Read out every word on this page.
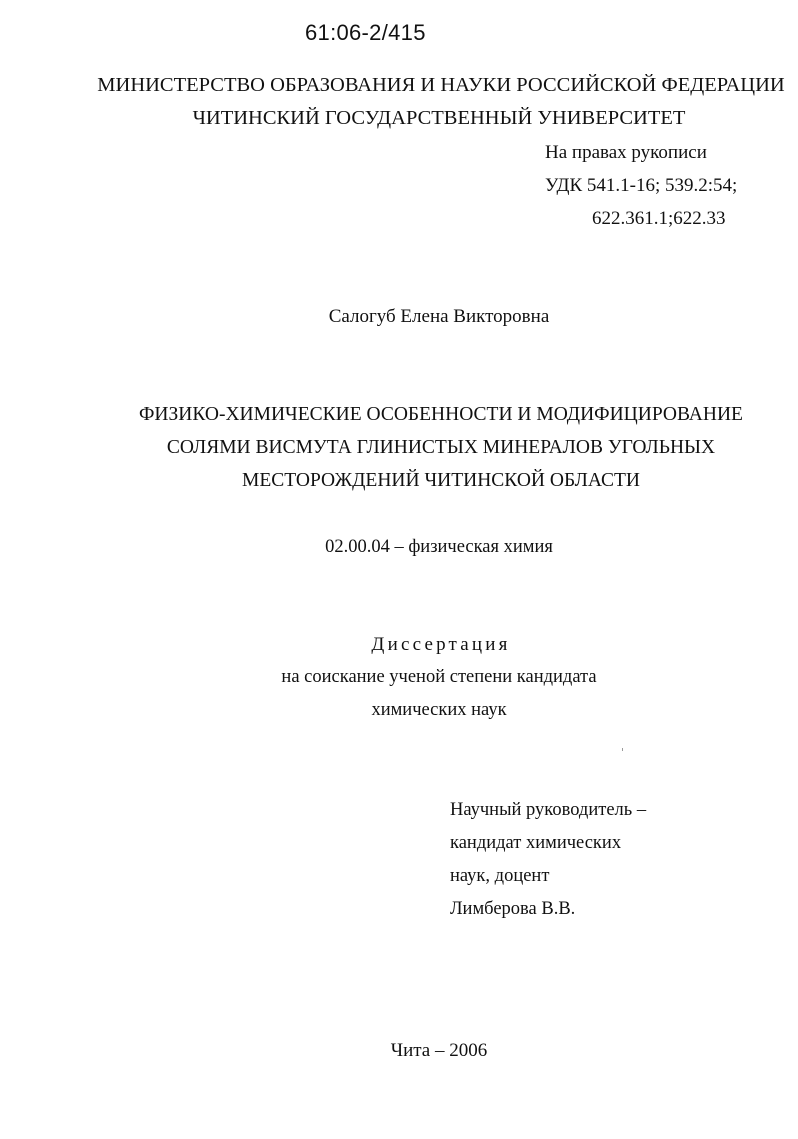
61:06-2/415
МИНИСТЕРСТВО ОБРАЗОВАНИЯ И НАУКИ РОССИЙСКОЙ ФЕДЕРАЦИИ
ЧИТИНСКИЙ ГОСУДАРСТВЕННЫЙ УНИВЕРСИТЕТ
На правах рукописи
УДК 541.1-16; 539.2:54;
622.361.1;622.33
Салогуб Елена Викторовна
ФИЗИКО-ХИМИЧЕСКИЕ ОСОБЕННОСТИ И МОДИФИЦИРОВАНИЕ
СОЛЯМИ ВИСМУТА ГЛИНИСТЫХ МИНЕРАЛОВ УГОЛЬНЫХ
МЕСТОРОЖДЕНИЙ ЧИТИНСКОЙ ОБЛАСТИ
02.00.04 – физическая химия
Диссертация
на соискание ученой степени кандидата
химических наук
Научный руководитель –
кандидат химических
наук, доцент
Лимберова В.В.
Чита – 2006
